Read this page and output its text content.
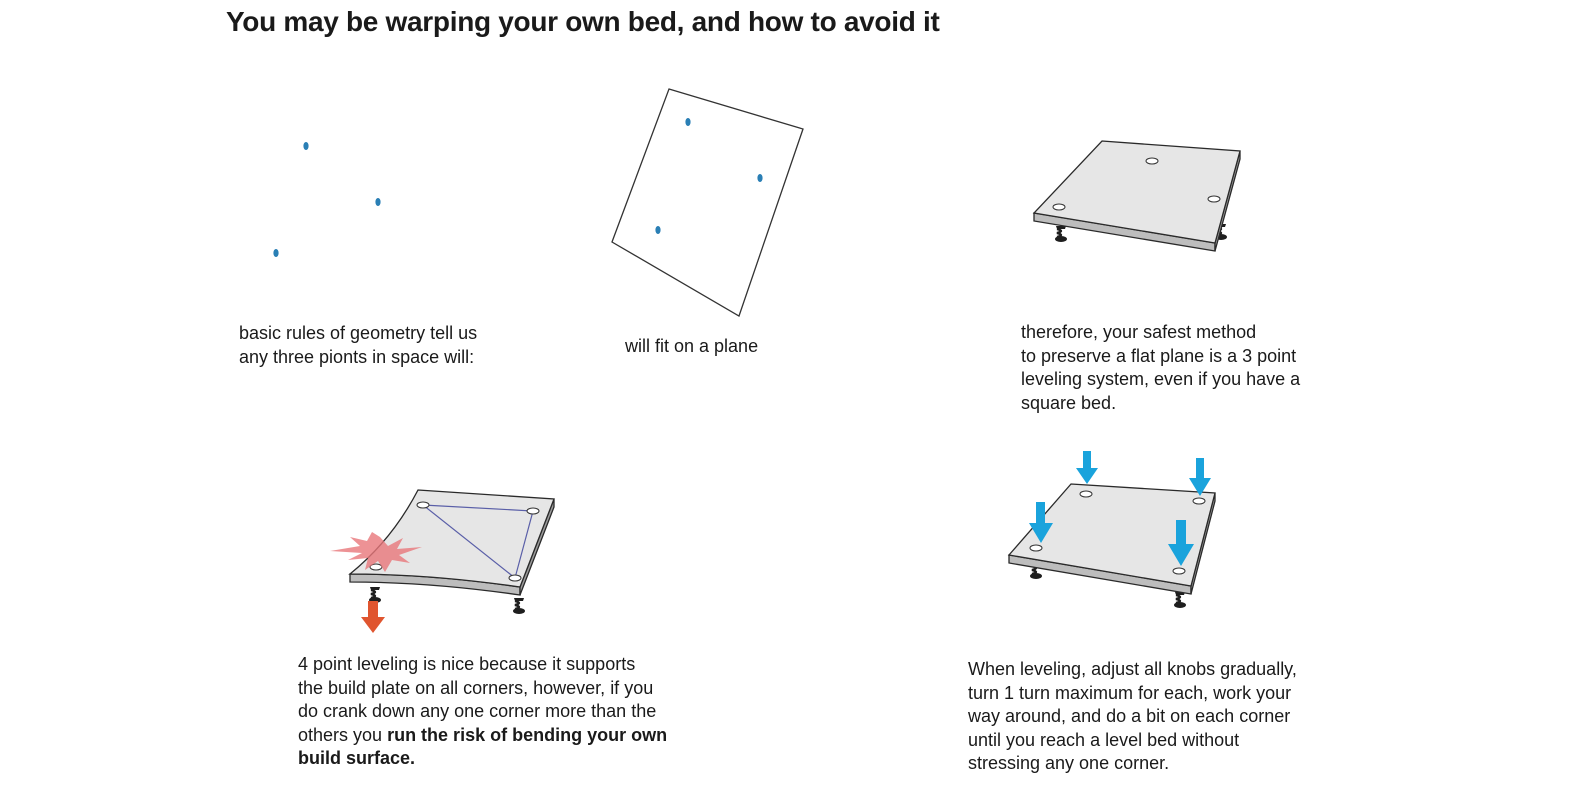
You may be warping your own bed, and how to avoid it
basic rules of geometry tell us
any three pionts in space will:
will fit on a plane
therefore, your safest method
to preserve a flat plane is a 3 point
leveling system, even if you have a
square bed.
4 point leveling is nice because it supports
the build plate on all corners, however, if you
do crank down any one corner more than the
others you run the risk of bending your own
build surface.
When leveling, adjust all knobs gradually,
turn 1 turn maximum for each, work your
way around, and do a bit on each corner
until you reach a level bed without
stressing any one corner.
